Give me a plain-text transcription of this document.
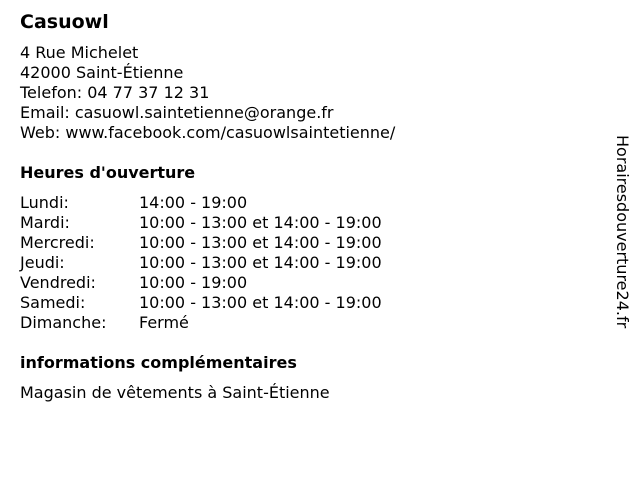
Casuowl
4 Rue Michelet
42000 Saint-Étienne
Telefon: 04 77 37 12 31
Email: casuowl.saintetienne@orange.fr
Web: www.facebook.com/casuowlsaintetienne/
Heures d'ouverture
Lundi:	14:00 - 19:00
Mardi:	10:00 - 13:00 et 14:00 - 19:00
Mercredi:	10:00 - 13:00 et 14:00 - 19:00
Jeudi:	10:00 - 13:00 et 14:00 - 19:00
Vendredi:	10:00 - 19:00
Samedi:	10:00 - 13:00 et 14:00 - 19:00
Dimanche:	Fermé
informations complémentaires
Magasin de vêtements à Saint-Étienne
Horairesdouverture24.fr
